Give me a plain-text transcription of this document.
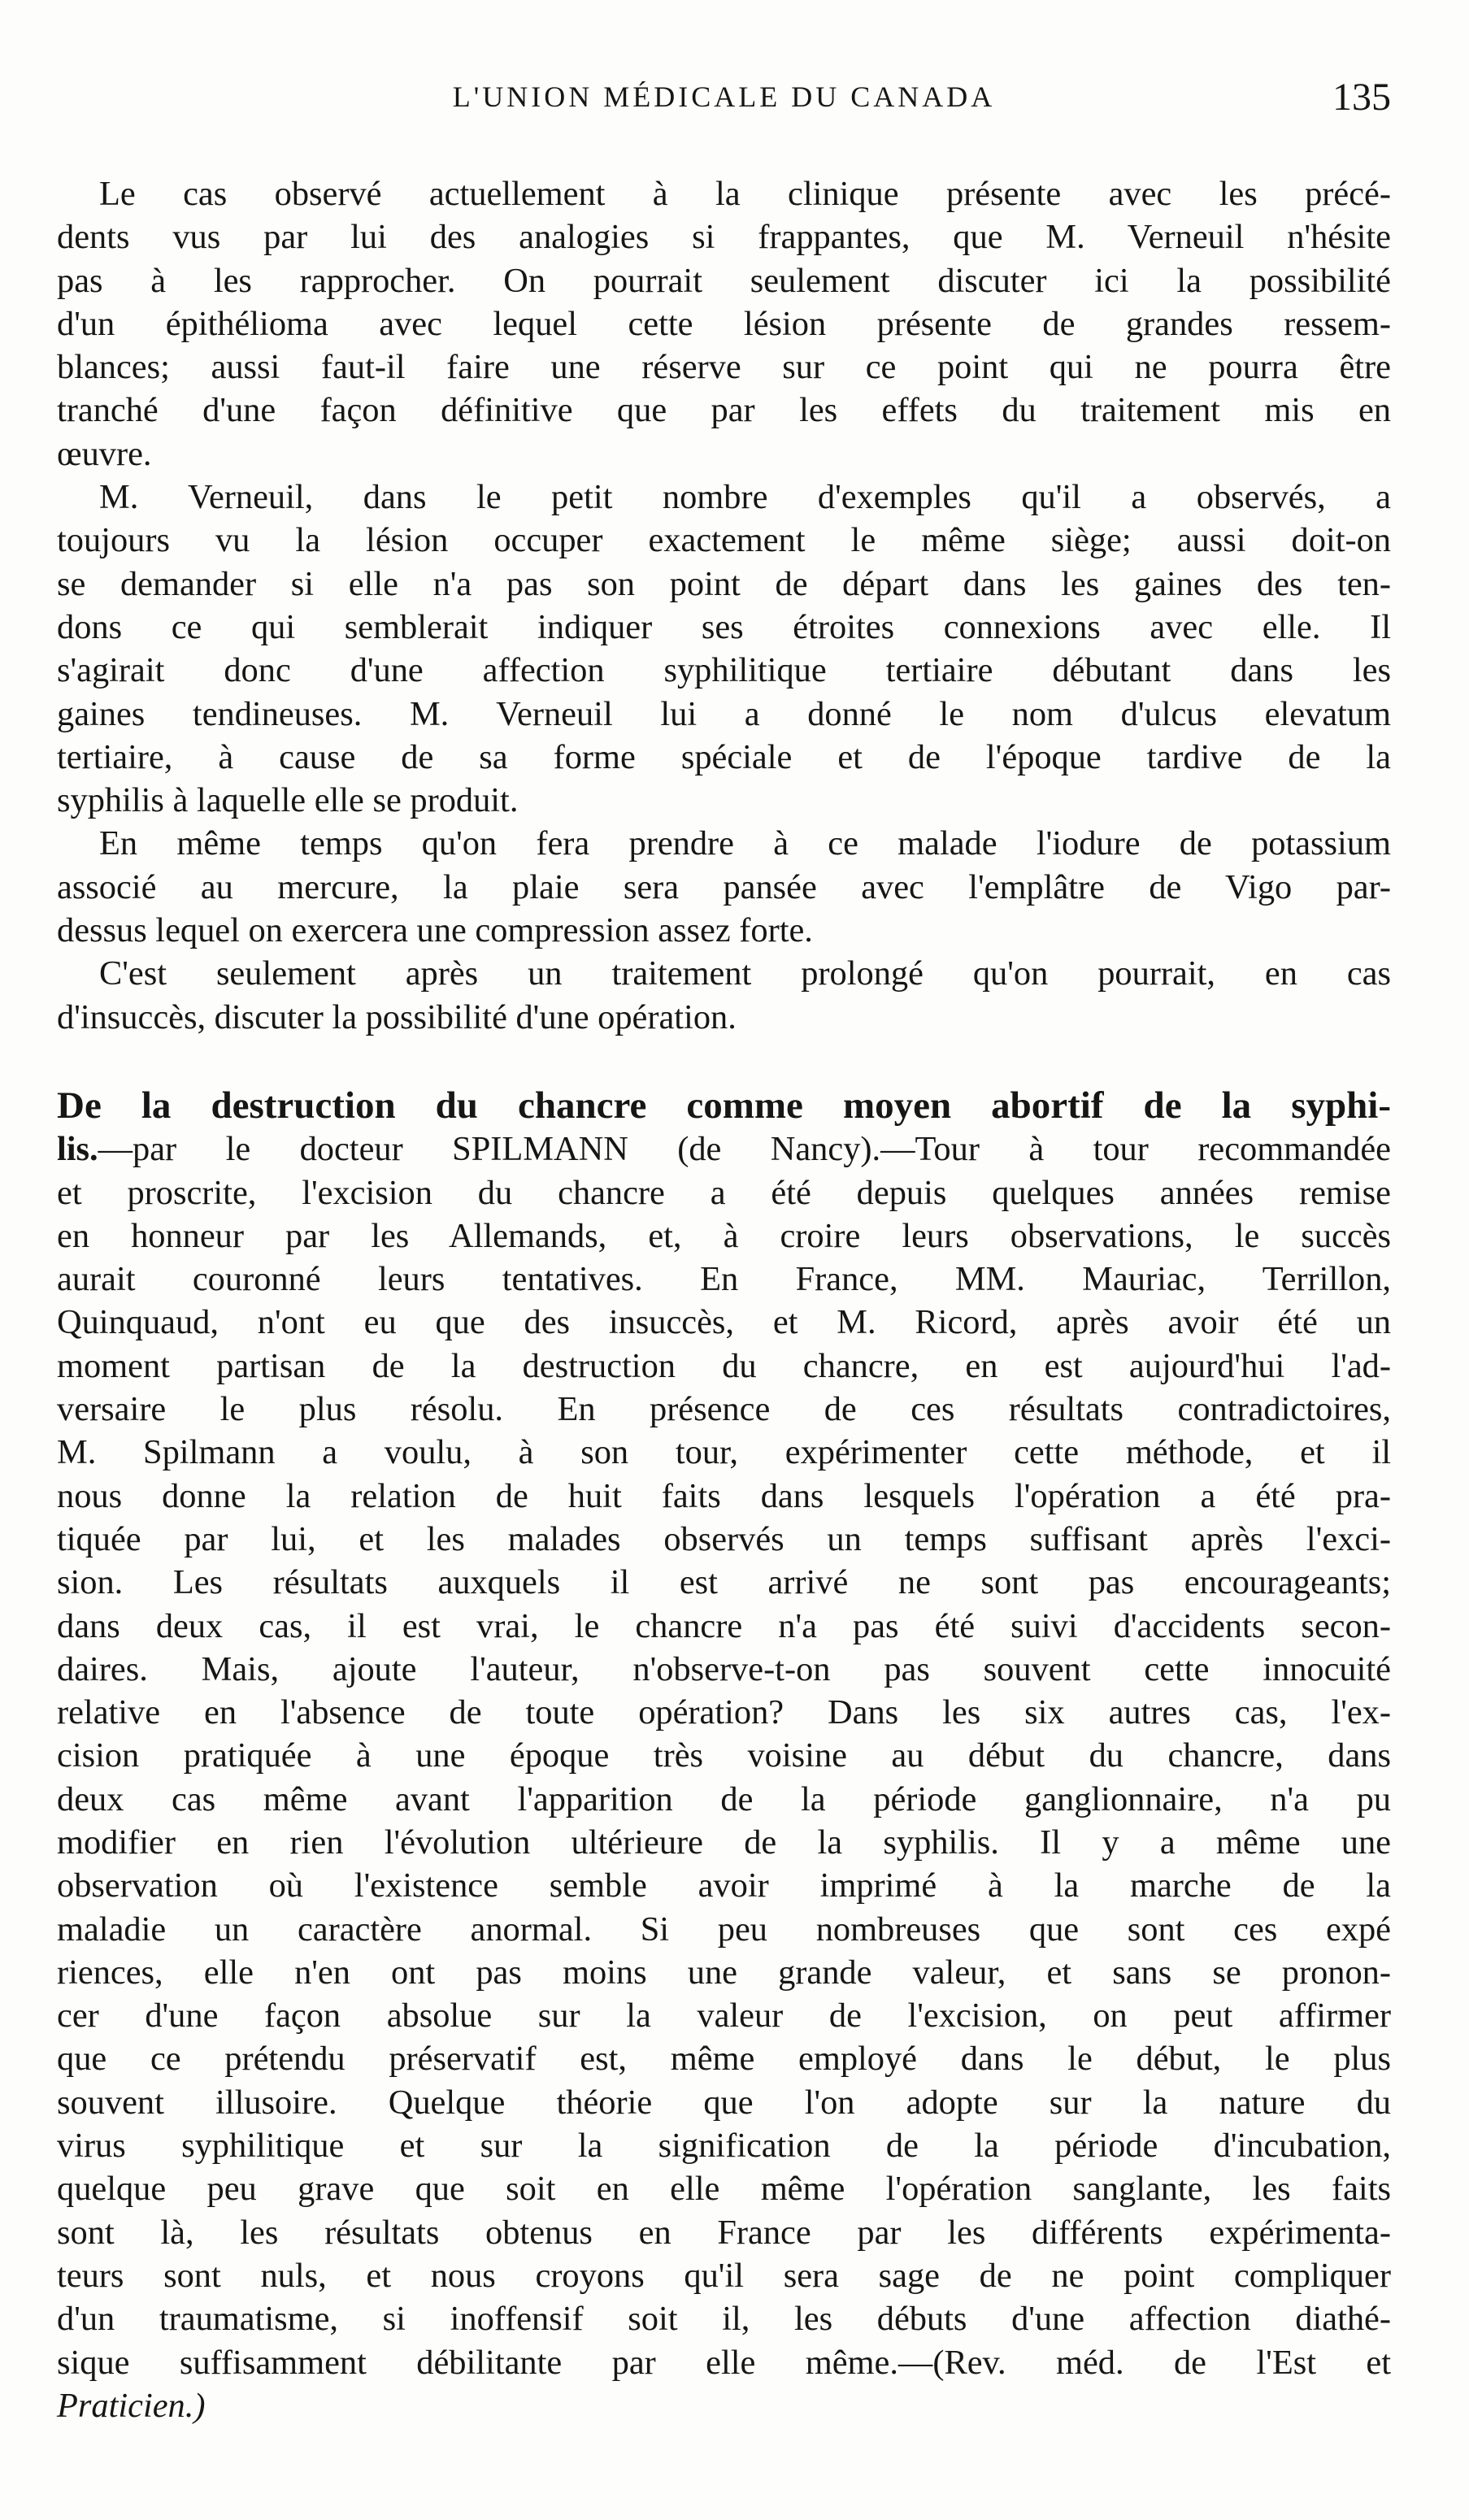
L'UNION MÉDICALE DU CANADA	135
Le cas observé actuellement à la clinique présente avec les précé-
dents vus par lui des analogies si frappantes, que M. Verneuil n'hésite
pas à les rapprocher. On pourrait seulement discuter ici la possibilité
d'un épithélioma avec lequel cette lésion présente de grandes ressem-
blances; aussi faut-il faire une réserve sur ce point qui ne pourra être
tranché d'une façon définitive que par les effets du traitement mis en
œuvre.
M. Verneuil, dans le petit nombre d'exemples qu'il a observés, a
toujours vu la lésion occuper exactement le même siège; aussi doit-on
se demander si elle n'a pas son point de départ dans les gaines des ten-
dons ce qui semblerait indiquer ses étroites connexions avec elle. Il
s'agirait donc d'une affection syphilitique tertiaire débutant dans les
gaines tendineuses. M. Verneuil lui a donné le nom d'ulcus elevatum
tertiaire, à cause de sa forme spéciale et de l'époque tardive de la
syphilis à laquelle elle se produit.
En même temps qu'on fera prendre à ce malade l'iodure de potassium
associé au mercure, la plaie sera pansée avec l'emplâtre de Vigo par-
dessus lequel on exercera une compression assez forte.
C'est seulement après un traitement prolongé qu'on pourrait, en cas
d'insuccès, discuter la possibilité d'une opération.
De la destruction du chancre comme moyen abortif de la syphi-
lis.—par le docteur SPILMANN (de Nancy).—Tour à tour recommandée
et proscrite, l'excision du chancre a été depuis quelques années remise
en honneur par les Allemands, et, à croire leurs observations, le succès
aurait couronné leurs tentatives. En France, MM. Mauriac, Terrillon,
Quinquaud, n'ont eu que des insuccès, et M. Ricord, après avoir été un
moment partisan de la destruction du chancre, en est aujourd'hui l'ad-
versaire le plus résolu. En présence de ces résultats contradictoires,
M. Spilmann a voulu, à son tour, expérimenter cette méthode, et il
nous donne la relation de huit faits dans lesquels l'opération a été pra-
tiquée par lui, et les malades observés un temps suffisant après l'exci-
sion. Les résultats auxquels il est arrivé ne sont pas encourageants;
dans deux cas, il est vrai, le chancre n'a pas été suivi d'accidents secon-
daires. Mais, ajoute l'auteur, n'observe-t-on pas souvent cette innocuité
relative en l'absence de toute opération? Dans les six autres cas, l'ex-
cision pratiquée à une époque très voisine au début du chancre, dans
deux cas même avant l'apparition de la période ganglionnaire, n'a pu
modifier en rien l'évolution ultérieure de la syphilis. Il y a même une
observation où l'existence semble avoir imprimé à la marche de la
maladie un caractère anormal. Si peu nombreuses que sont ces expé
riences, elle n'en ont pas moins une grande valeur, et sans se pronon-
cer d'une façon absolue sur la valeur de l'excision, on peut affirmer
que ce prétendu préservatif est, même employé dans le début, le plus
souvent illusoire. Quelque théorie que l'on adopte sur la nature du
virus syphilitique et sur la signification de la période d'incubation,
quelque peu grave que soit en elle même l'opération sanglante, les faits
sont là, les résultats obtenus en France par les différents expérimenta-
teurs sont nuls, et nous croyons qu'il sera sage de ne point compliquer
d'un traumatisme, si inoffensif soit il, les débuts d'une affection diathé-
sique suffisamment débilitante par elle même.—(Rev. méd. de l'Est et
Praticien.)
